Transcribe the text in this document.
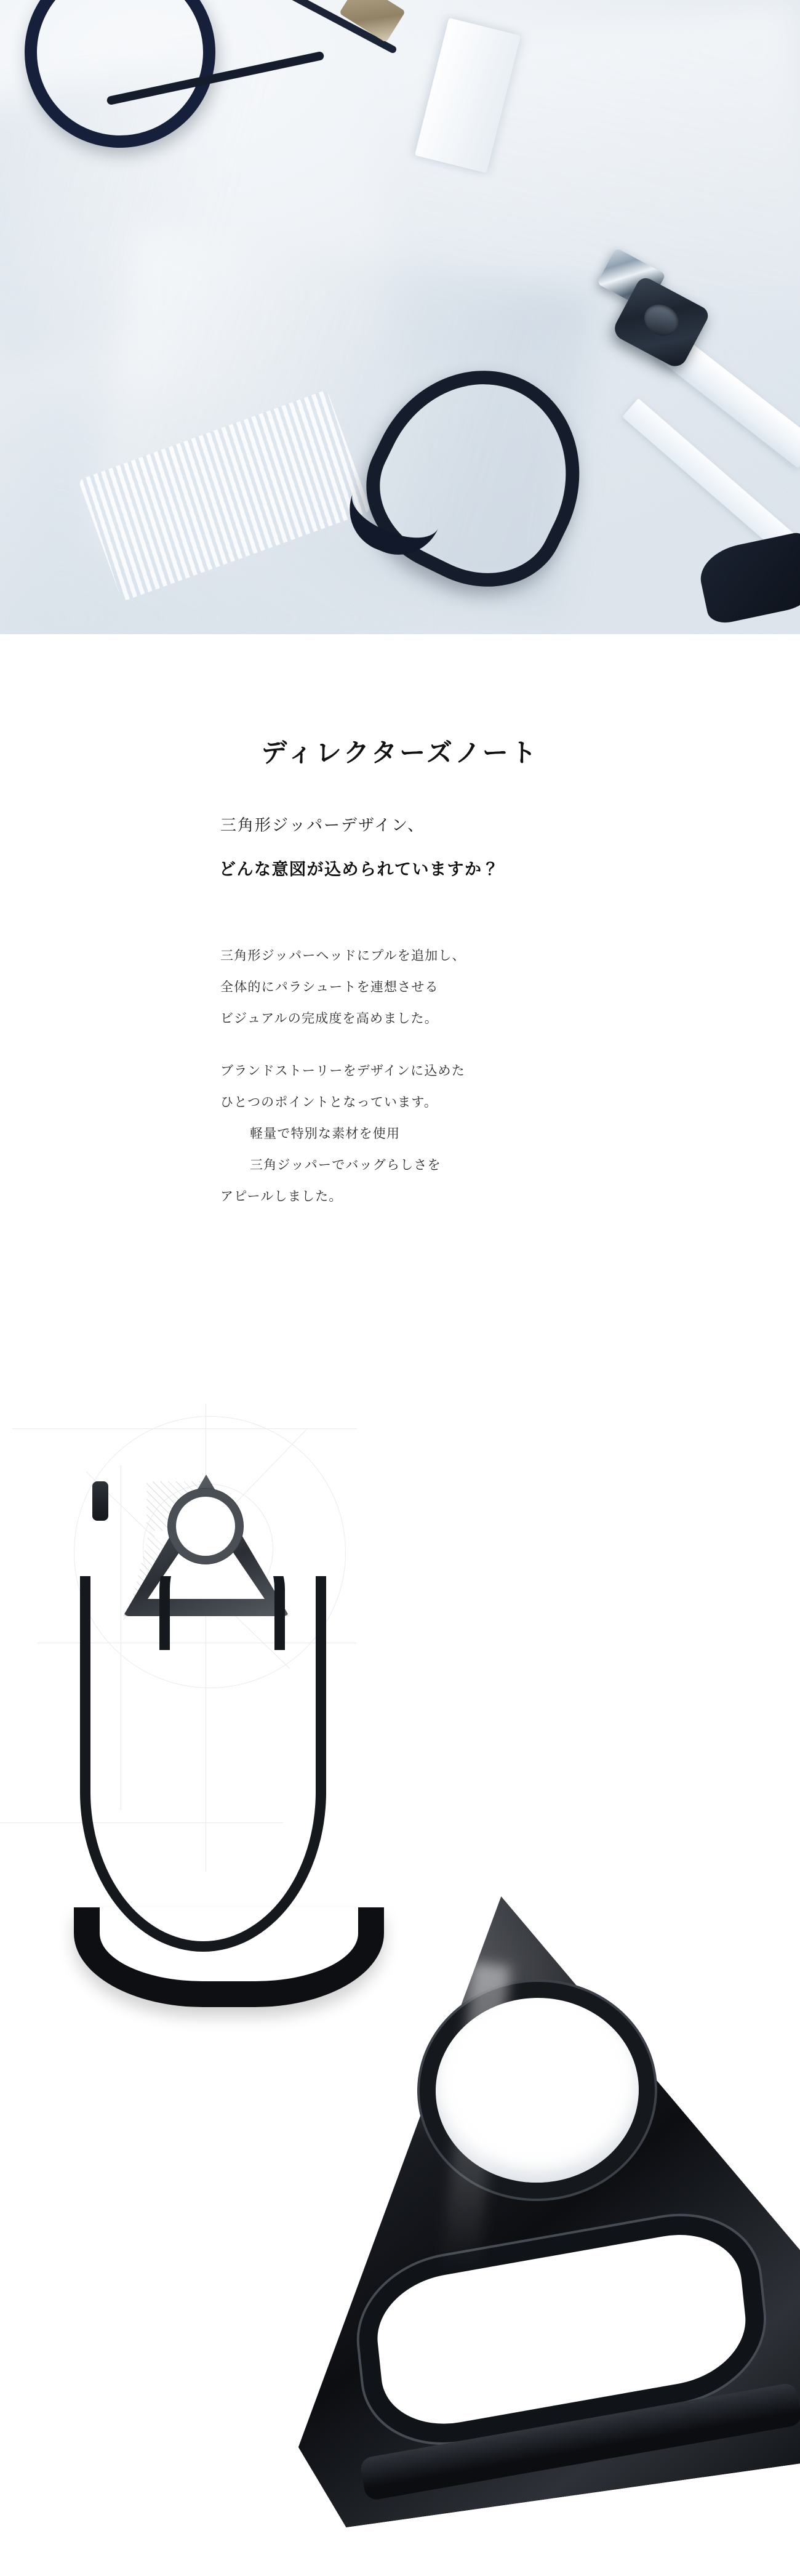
ディレクターズノート

三角形ジッパーデザイン、

どんな意図が込められていますか？

三角形ジッパーヘッドにプルを追加し、

全体的にパラシュートを連想させる

ビジュアルの完成度を高めました。

ブランドストーリーをデザインに込めた

ひとつのポイントとなっています。

軽量で特別な素材を使用

三角ジッパーでバッグらしさを

アピールしました。
